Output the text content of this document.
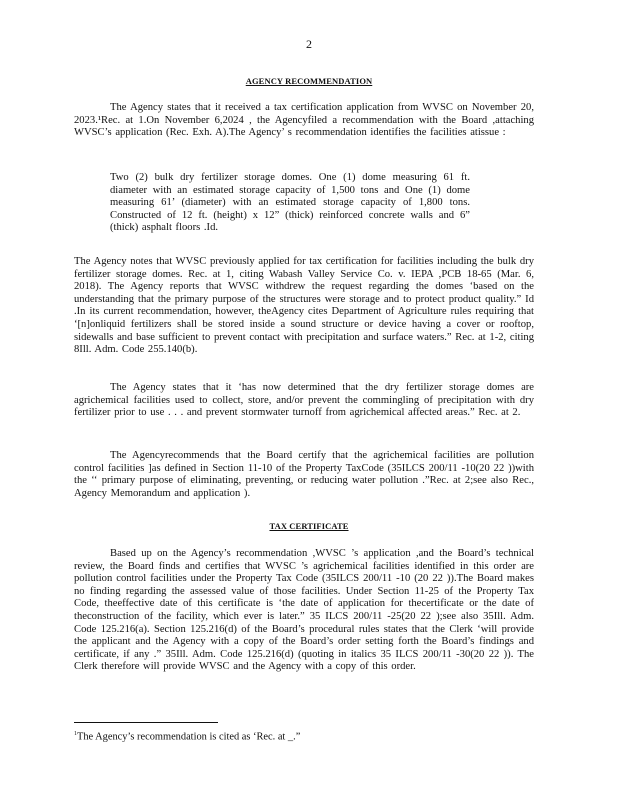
2
AGENCY RECOMMENDATION

The Agency states that it received a tax certification application from WVSC on November 20, 2023.¹Rec. at 1.On November 6,2024 , the Agencyfiled a recommendation with the Board ,attaching WVSC’s application (Rec. Exh. A).The Agency’ s recommendation identifies the facilities atissue :

Two (2) bulk dry fertilizer storage domes. One (1) dome measuring 61 ft. diameter with an estimated storage capacity of 1,500 tons and One (1) dome measuring 61’ (diameter) with an estimated storage capacity of 1,800 tons. Constructed of 12 ft. (height) x 12” (thick) reinforced concrete walls and 6” (thick) asphalt floors .Id.

The Agency notes that WVSC previously applied for tax certification for facilities including the bulk dry fertilizer storage domes. Rec. at 1, citing Wabash Valley Service Co. v. IEPA ,PCB 18-65 (Mar. 6, 2018). The Agency reports that WVSC withdrew the request regarding the domes ‘based on the understanding that the primary purpose of the structures were storage and to protect product quality.” Id .In its current recommendation, however, theAgency cites Department of Agriculture rules requiring that ‘[n]onliquid fertilizers shall be stored inside a sound structure or device having a cover or rooftop, sidewalls and base sufficient to prevent contact with precipitation and surface waters.” Rec. at 1-2, citing 8Ill. Adm. Code 255.140(b).

The Agency states that it ‘has now determined that the dry fertilizer storage domes are agrichemical facilities used to collect, store, and/or prevent the commingling of precipitation with dry fertilizer prior to use . . . and prevent stormwater turnoff from agrichemical affected areas.” Rec. at 2.

The Agencyrecommends that the Board certify that the agrichemical facilities are pollution control facilities ]as defined in Section 11-10 of the Property TaxCode (35ILCS 200/11 -10(20 22 ))with the ‘‘ primary purpose of eliminating, preventing, or reducing water pollution .”Rec. at 2;see also Rec., Agency Memorandum and application ).

TAX CERTIFICATE

Based up on the Agency’s recommendation ,WVSC ’s application ,and the Board’s technical review, the Board finds and certifies that WVSC ’s agrichemical facilities identified in this order are pollution control facilities under the Property Tax Code (35ILCS 200/11 -10 (20 22 )).The Board makes no finding regarding the assessed value of those facilities. Under Section 11-25 of the Property Tax Code, theeffective date of this certificate is ‘the date of application for thecertificate or the date of theconstruction of the facility, which ever is later.” 35 ILCS 200/11 -25(20 22 );see also 35Ill. Adm. Code 125.216(a). Section 125.216(d) of the Board’s procedural rules states that the Clerk ‘will provide the applicant and the Agency with a copy of the Board’s order setting forth the Board’s findings and certificate, if any .” 35Ill. Adm. Code 125.216(d) (quoting in italics 35 ILCS 200/11 -30(20 22 )). The Clerk therefore will provide WVSC and the Agency with a copy of this order.

$^1$The Agency’s recommendation is cited as ‘Rec. at _.”
